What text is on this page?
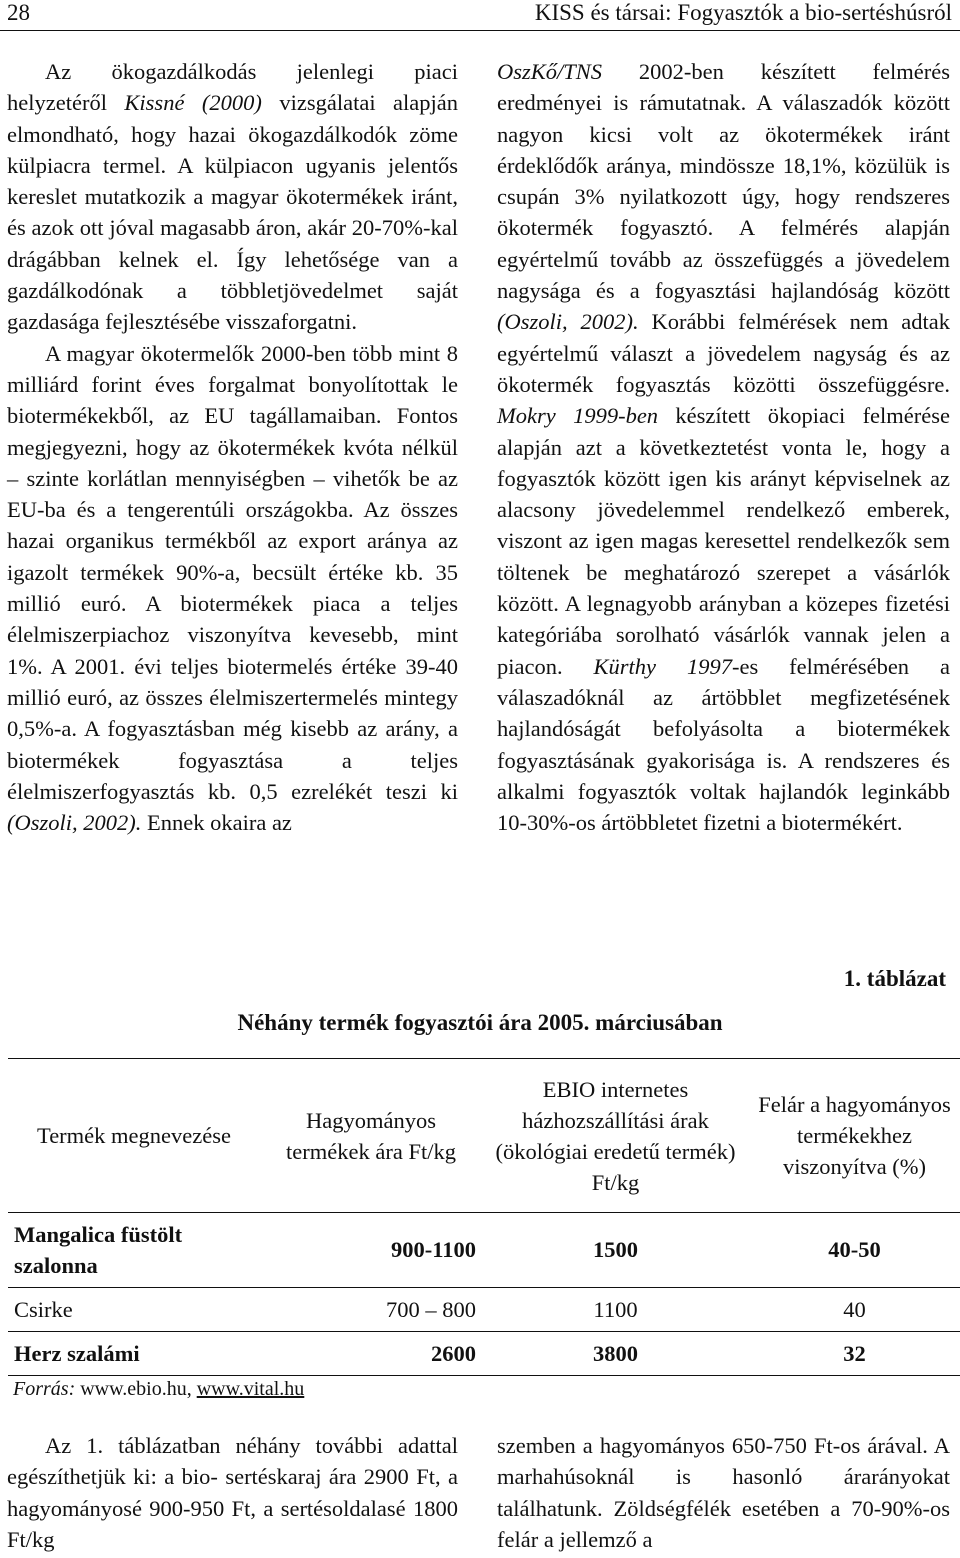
28	KISS és társai: Fogyasztók a bio-sertéshúsról

Az ökogazdálkodás jelenlegi piaci helyzetéről Kissné (2000) vizsgálatai alapján elmondható, hogy hazai ökogazdálkodók zöme külpiacra termel. A külpiacon ugyanis jelentős kereslet mutatkozik a magyar ökotermékek iránt, és azok ott jóval magasabb áron, akár 20-70%-kal drágábban kelnek el. Így lehetősége van a gazdálkodónak a többletjövedelmet saját gazdasága fejlesztésébe visszaforgatni.

A magyar ökotermelők 2000-ben több mint 8 milliárd forint éves forgalmat bonyolítottak le biotermékekből, az EU tagállamaiban. Fontos megjegyezni, hogy az ökotermékek kvóta nélkül – szinte korlátlan mennyiségben – vihetők be az EU-ba és a tengerentúli országokba. Az összes hazai organikus termékből az export aránya az igazolt termékek 90%-a, becsült értéke kb. 35 millió euró. A biotermékek piaca a teljes élelmiszerpiachoz viszonyítva kevesebb, mint 1%. A 2001. évi teljes biotermelés értéke 39-40 millió euró, az összes élelmiszertermelés mintegy 0,5%-a. A fogyasztásban még kisebb az arány, a biotermékek fogyasztása a teljes élelmiszerfogyasztás kb. 0,5 ezrelékét teszi ki (Oszoli, 2002). Ennek okaira az

OszKő/TNS 2002-ben készített felmérés eredményei is rámutatnak. A válaszadók között nagyon kicsi volt az ökotermékek iránt érdeklődők aránya, mindössze 18,1%, közülük is csupán 3% nyilatkozott úgy, hogy rendszeres ökotermék fogyasztó. A felmérés alapján egyértelmű tovább az összefüggés a jövedelem nagysága és a fogyasztási hajlandóság között (Oszoli, 2002). Korábbi felmérések nem adtak egyértelmű választ a jövedelem nagyság és az ökotermék fogyasztás közötti összefüggésre. Mokry 1999-ben készített ökopiaci felmérése alapján azt a következtetést vonta le, hogy a fogyasztók között igen kis arányt képviselnek az alacsony jövedelemmel rendelkező emberek, viszont az igen magas keresettel rendelkezők sem töltenek be meghatározó szerepet a vásárlók között. A legnagyobb arányban a közepes fizetési kategóriába sorolható vásárlók vannak jelen a piacon. Kürthy 1997-es felmérésében a válaszadóknál az ártöbblet megfizetésének hajlandóságát befolyásolta a biotermékek fogyasztásának gyakorisága is. A rendszeres és alkalmi fogyasztók voltak hajlandók leginkább 10-30%-os ártöbbletet fizetni a biotermékért.

1. táblázat
Néhány termék fogyasztói ára 2005. márciusában
Termék megnevezése	Hagyományos termékek ára Ft/kg	EBIO internetes házhozszállítási árak (ökológiai eredetű termék) Ft/kg	Felár a hagyományos termékekhez viszonyítva (%)
Mangalica füstölt szalonna	900-1100	1500	40-50
Csirke	700 – 800	1100	40
Herz szalámi	2600	3800	32
Forrás: www.ebio.hu, www.vital.hu

Az 1. táblázatban néhány további adattal egészíthetjük ki: a bio- sertéskaraj ára 2900 Ft, a hagyományosé 900-950 Ft, a sertésoldalasé 1800 Ft/kg

szemben a hagyományos 650-750 Ft-os árával. A marhahúsoknál is hasonló árarányokat találhatunk. Zöldségfélék esetében a 70-90%-os felár a jellemző a
